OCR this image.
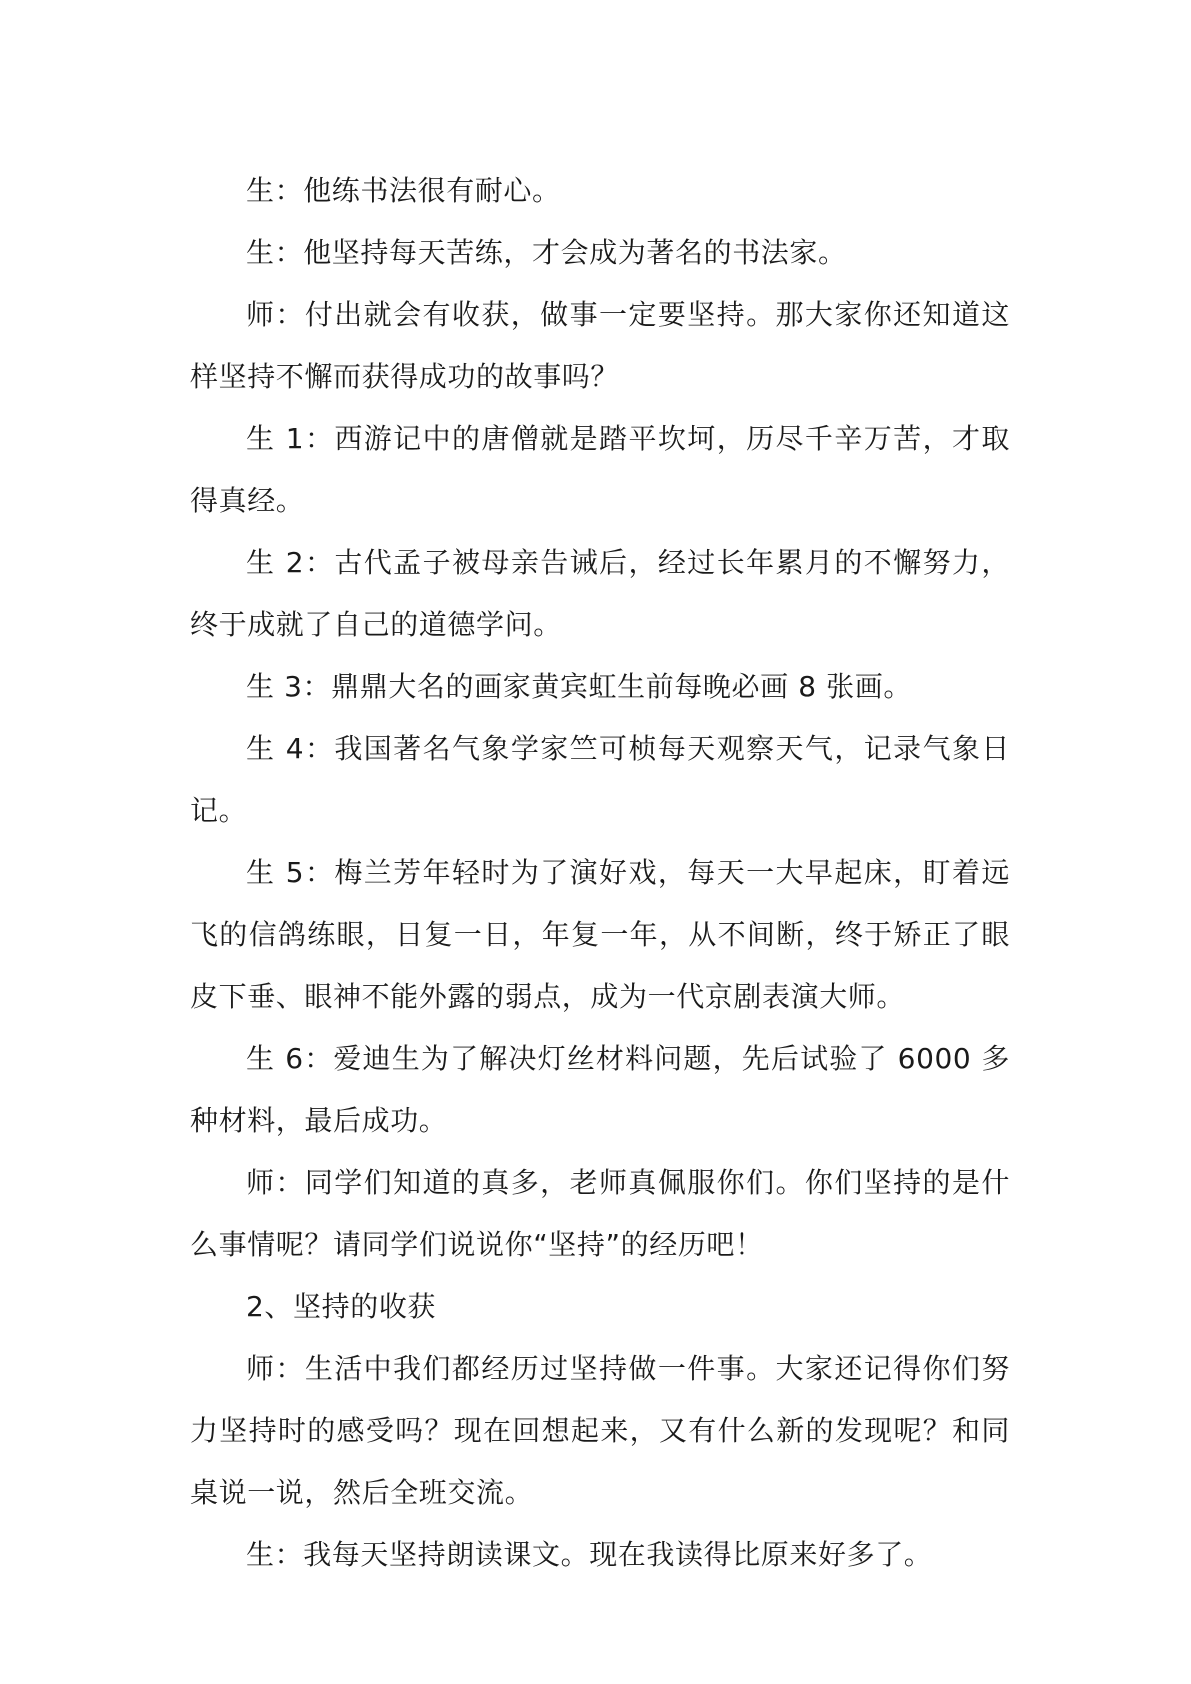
生：他练书法很有耐心。

生：他坚持每天苦练，才会成为著名的书法家。

师：付出就会有收获，做事一定要坚持。那大家你还知道这样坚持不懈而获得成功的故事吗？

生 1：西游记中的唐僧就是踏平坎坷，历尽千辛万苦，才取得真经。

生 2：古代孟子被母亲告诫后，经过长年累月的不懈努力，终于成就了自己的道德学问。

生 3：鼎鼎大名的画家黄宾虹生前每晚必画 8 张画。

生 4：我国著名气象学家竺可桢每天观察天气，记录气象日记。

生 5：梅兰芳年轻时为了演好戏，每天一大早起床，盯着远飞的信鸽练眼，日复一日，年复一年，从不间断，终于矫正了眼皮下垂、眼神不能外露的弱点，成为一代京剧表演大师。

生 6：爱迪生为了解决灯丝材料问题，先后试验了 6000 多种材料，最后成功。

师：同学们知道的真多，老师真佩服你们。你们坚持的是什么事情呢？请同学们说说你“坚持”的经历吧！

2、坚持的收获

师：生活中我们都经历过坚持做一件事。大家还记得你们努力坚持时的感受吗？现在回想起来，又有什么新的发现呢？和同桌说一说，然后全班交流。

生：我每天坚持朗读课文。现在我读得比原来好多了。
